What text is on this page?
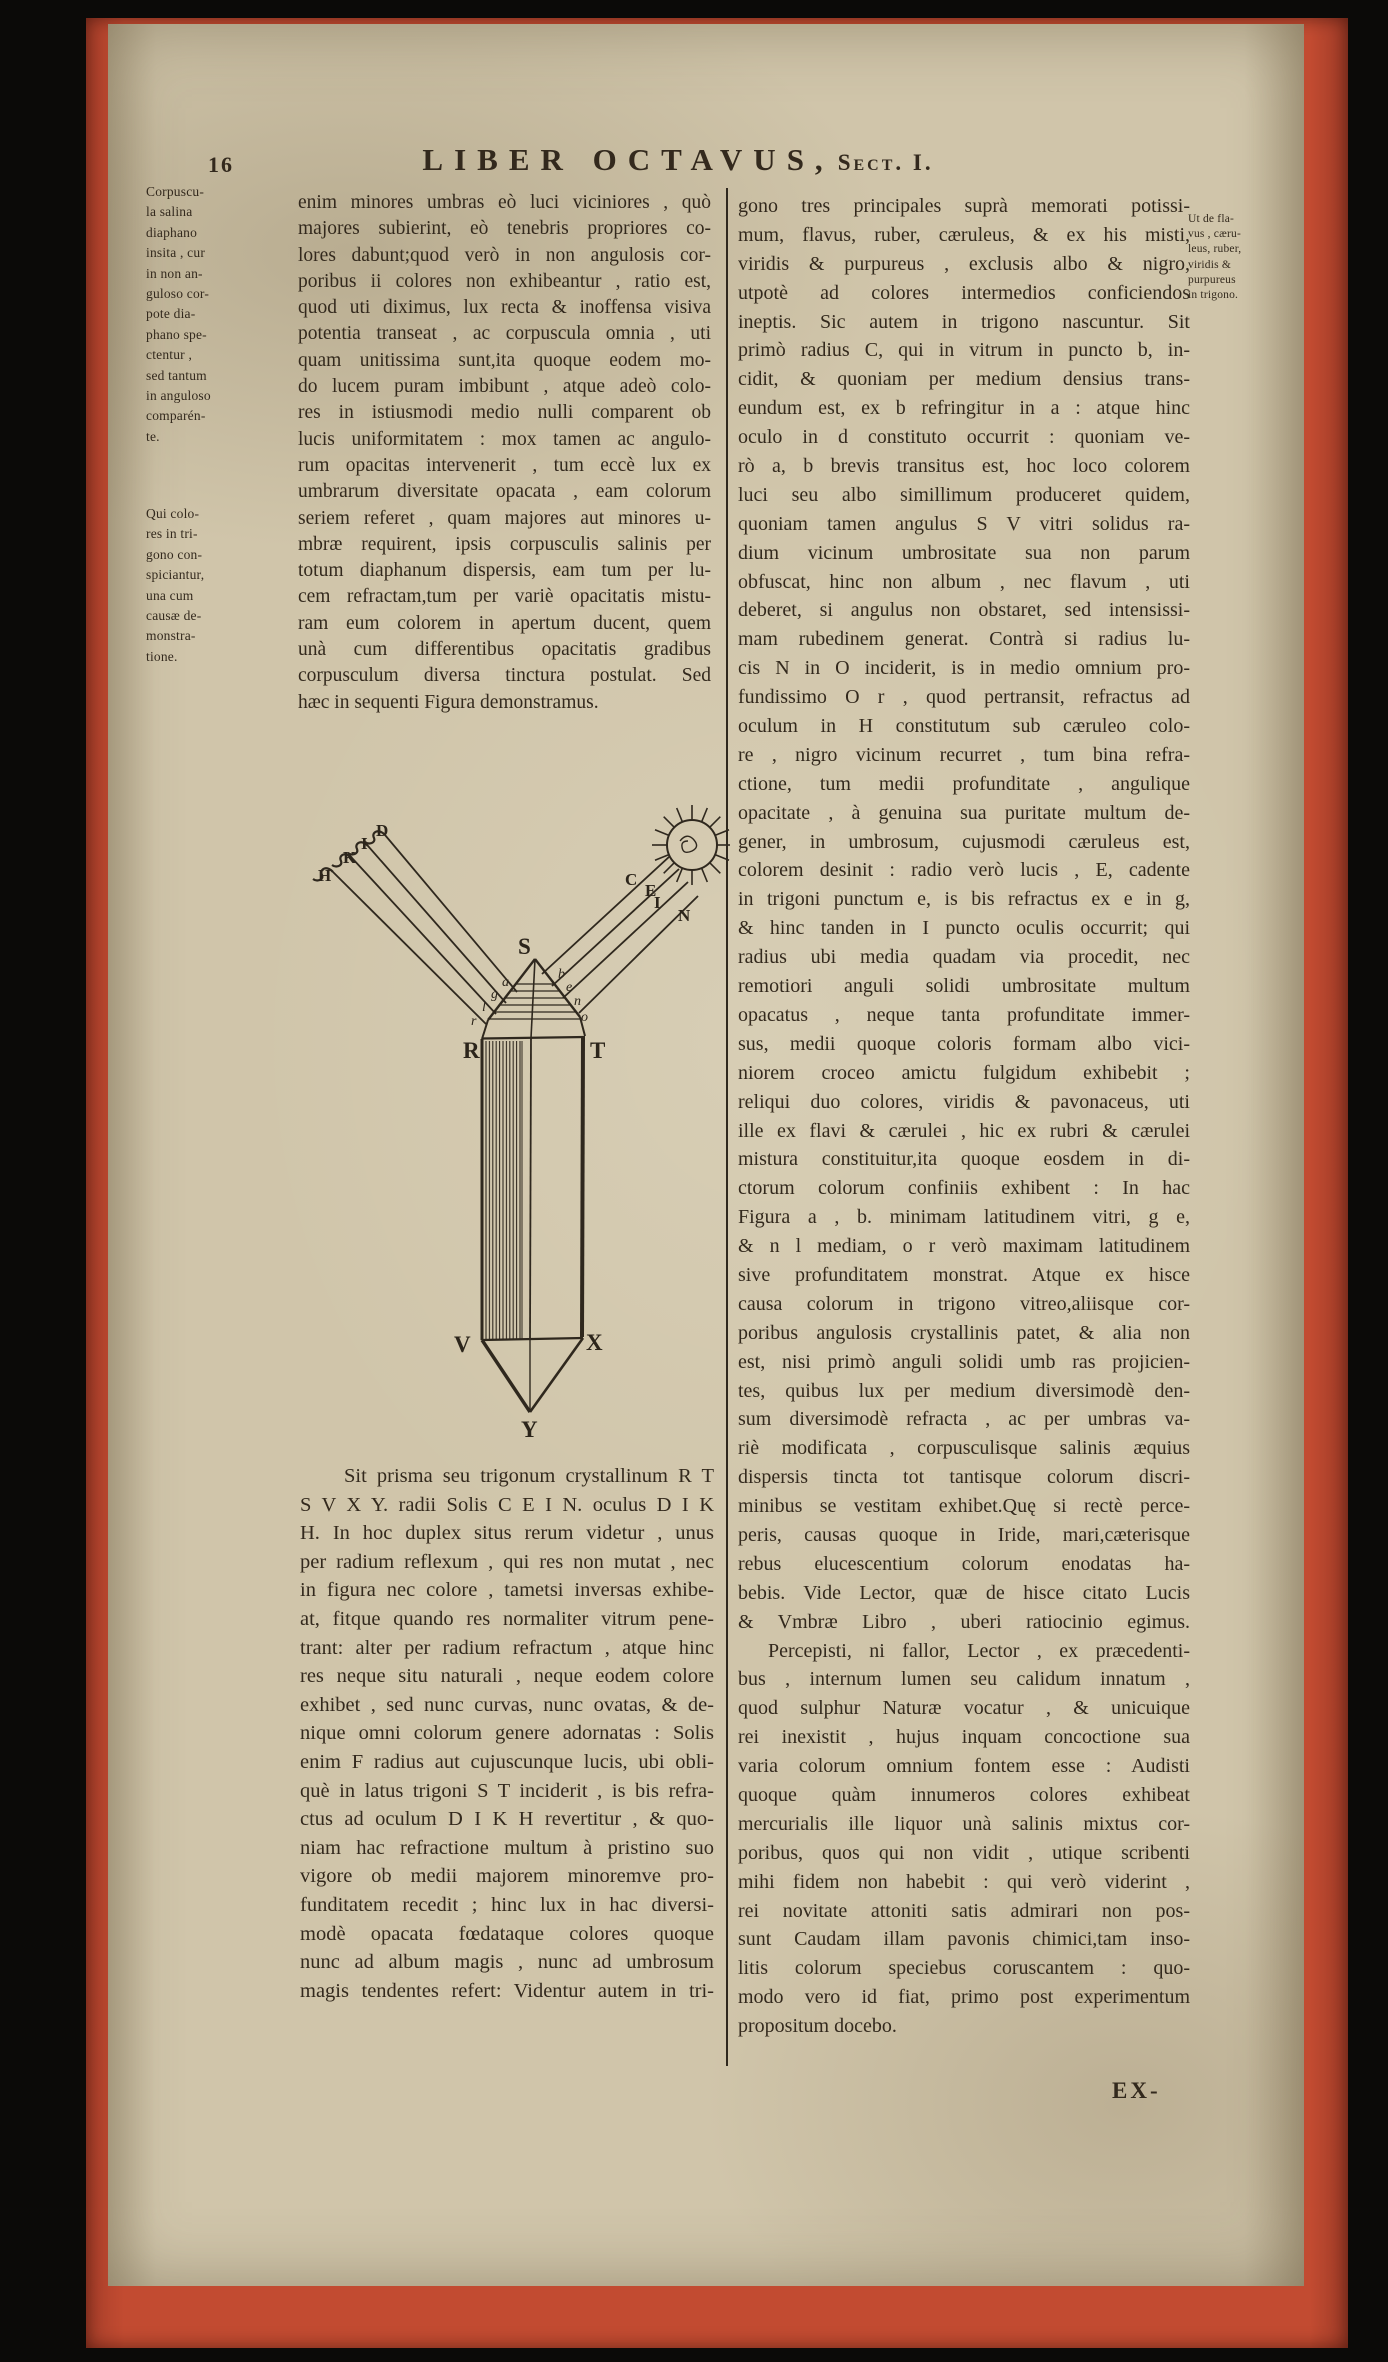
16	LIBER OCTAVUS, Sect. I.
Corpuscu-
la salina
diaphano
insita , cur
in non an-
guloso cor-
pote dia-
phano spe-
ctentur ,
sed tantum
in anguloso
comparén-
te.
Qui colo-
res in tri-
gono con-
spiciantur,
una cum
causæ de-
monstra-
tione.
Ut de fla-
vus , cæru-
leus, ruber,
viridis &
purpureus
in trigono.
enim minores umbras eò luci viciniores , quò
majores subierint, eò tenebris propriores co-
lores dabunt;quod verò in non angulosis cor-
poribus ii colores non exhibeantur , ratio est,
quod uti diximus, lux recta & inoffensa visiva
potentia transeat , ac corpuscula omnia , uti
quam unitissima sunt,ita quoque eodem mo-
do lucem puram imbibunt , atque adeò colo-
res in istiusmodi medio nulli comparent ob
lucis uniformitatem : mox tamen ac angulo-
rum opacitas intervenerit , tum eccè lux ex
umbrarum diversitate opacata , eam colorum
seriem referet , quam majores aut minores u-
mbræ requirent, ipsis corpusculis salinis per
totum diaphanum dispersis, eam tum per lu-
cem refractam,tum per variè opacitatis mistu-
ram eum colorem in apertum ducent, quem
unà cum differentibus opacitatis gradibus
corpusculum diversa tinctura postulat. Sed
hæc in sequenti Figura demonstramus.
gono tres principales suprà memorati potissi-
mum, flavus, ruber, cæruleus, & ex his misti,
viridis & purpureus , exclusis albo & nigro,
utpotè ad colores intermedios conficiendos
ineptis. Sic autem in trigono nascuntur. Sit
primò radius C, qui in vitrum in puncto b, in-
cidit, & quoniam per medium densius trans-
eundum est, ex b refringitur in a : atque hinc
oculo in d constituto occurrit : quoniam ve-
rò a, b brevis transitus est, hoc loco colorem
luci seu albo simillimum produceret quidem,
quoniam tamen angulus S V vitri solidus ra-
dium vicinum umbrositate sua non parum
obfuscat, hinc non album , nec flavum , uti
deberet, si angulus non obstaret, sed intensissi-
mam rubedinem generat. Contrà si radius lu-
cis N in O inciderit, is in medio omnium pro-
fundissimo O r , quod pertransit, refractus ad
oculum in H constitutum sub cæruleo colo-
re , nigro vicinum recurret , tum bina refra-
ctione, tum medii profunditate , angulique
opacitate , à genuina sua puritate multum de-
gener, in umbrosum, cujusmodi cæruleus est,
colorem desinit : radio verò lucis , E, cadente
in trigoni punctum e, is bis refractus ex e in g,
& hinc tanden in I puncto oculis occurrit; qui
radius ubi media quadam via procedit, nec
remotiori anguli solidi umbrositate multum
opacatus , neque tanta profunditate immer-
sus, medii quoque coloris formam albo vici-
niorem croceo amictu fulgidum exhibebit ;
reliqui duo colores, viridis & pavonaceus, uti
ille ex flavi & cærulei , hic ex rubri & cærulei
mistura constituitur,ita quoque eosdem in di-
ctorum colorum confiniis exhibent : In hac
Figura a , b. minimam latitudinem vitri, g e,
& n l mediam, o r verò maximam latitudinem
sive profunditatem monstrat. Atque ex hisce
causa colorum in trigono vitreo,aliisque cor-
poribus angulosis crystallinis patet, & alia non
est, nisi primò anguli solidi umb ras projicien-
tes, quibus lux per medium diversimodè den-
sum diversimodè refracta , ac per umbras va-
riè modificata , corpusculisque salinis æquius
dispersis tincta tot tantisque colorum discri-
minibus se vestitam exhibet.Quę si rectè perce-
peris, causas quoque in Iride, mari,cæterisque
rebus elucescentium colorum enodatas ha-
bebis. Vide Lector, quæ de hisce citato Lucis
& Vmbræ Libro , uberi ratiocinio egimus.
Percepisti, ni fallor, Lector , ex præcedenti-
bus , internum lumen seu calidum innatum ,
quod sulphur Naturæ vocatur , & unicuique
rei inexistit , hujus inquam concoctione sua
varia colorum omnium fontem esse : Audisti
quoque quàm innumeros colores exhibeat
mercurialis ille liquor unà salinis mixtus cor-
poribus, quos qui non vidit , utique scribenti
mihi fidem non habebit : qui verò viderint ,
rei novitate attoniti satis admirari non pos-
sunt Caudam illam pavonis chimici,tam inso-
litis colorum speciebus coruscantem : quo-
modo vero id fiat, primo post experimentum
propositum docebo.
S
R	T
V	X
Y
H
K
I
D
C
E
I
N
a
g
l
r
b
e
n
o
Sit prisma seu trigonum crystallinum R T
S V X Y. radii Solis C E I N. oculus D I K
H. In hoc duplex situs rerum videtur , unus
per radium reflexum , qui res non mutat , nec
in figura nec colore , tametsi inversas exhibe-
at, fitque quando res normaliter vitrum pene-
trant: alter per radium refractum , atque hinc
res neque situ naturali , neque eodem colore
exhibet , sed nunc curvas, nunc ovatas, & de-
nique omni colorum genere adornatas : Solis
enim F radius aut cujuscunque lucis, ubi obli-
què in latus trigoni S T inciderit , is bis refra-
ctus ad oculum D I K H revertitur , & quo-
niam hac refractione multum à pristino suo
vigore ob medii majorem minoremve pro-
funditatem recedit ; hinc lux in hac diversi-
modè opacata fœdataque colores quoque
nunc ad album magis , nunc ad umbrosum
magis tendentes refert: Videntur autem in tri-
EX-
